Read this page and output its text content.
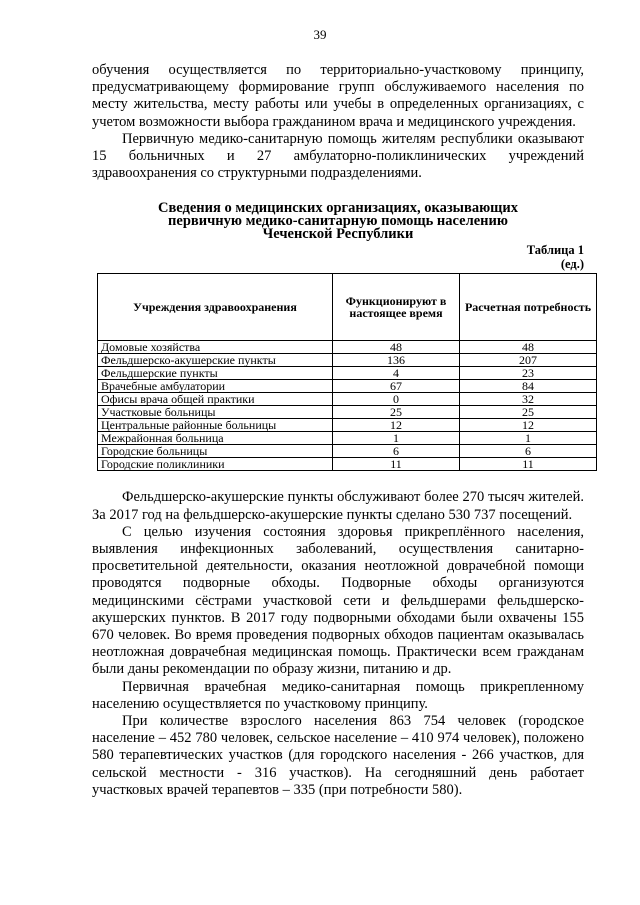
39

обучения осуществляется по территориально-участковому принципу, предусматривающему формирование групп обслуживаемого населения по месту жительства, месту работы или учебы в определенных организациях, с учетом возможности выбора гражданином врача и медицинского учреждения.

Первичную медико-санитарную помощь жителям республики оказывают 15 больничных и 27 амбулаторно-поликлинических учреждений здравоохранения со структурными подразделениями.

Сведения о медицинских организациях, оказывающих
первичную медико-санитарную помощь населению
Чеченской Республики
Таблица 1
(ед.)
Учреждения здравоохранения	Функционируют в настоящее время	Расчетная потребность
Домовые хозяйства	48	48
Фельдшерско-акушерские пункты	136	207
Фельдшерские пункты	4	23
Врачебные амбулатории	67	84
Офисы врача общей практики	0	32
Участковые больницы	25	25
Центральные районные больницы	12	12
Межрайонная больница	1	1
Городские больницы	6	6
Городские поликлиники	11	11

Фельдшерско-акушерские пункты обслуживают более 270 тысяч жителей. За 2017 год на фельдшерско-акушерские пункты сделано 530 737 посещений.

С целью изучения состояния здоровья прикреплённого населения, выявления инфекционных заболеваний, осуществления санитарно-просветительной деятельности, оказания неотложной доврачебной помощи проводятся подворные обходы. Подворные обходы организуются медицинскими сёстрами участковой сети и фельдшерами фельдшерско-акушерских пунктов. В 2017 году подворными обходами были охвачены 155 670 человек. Во время проведения подворных обходов пациентам оказывалась неотложная доврачебная медицинская помощь. Практически всем гражданам были даны рекомендации по образу жизни, питанию и др.

Первичная врачебная медико-санитарная помощь прикрепленному населению осуществляется по участковому принципу.

При количестве взрослого населения 863 754 человек (городское население – 452 780 человек, сельское население – 410 974 человек), положено 580 терапевтических участков (для городского населения - 266 участков, для сельской местности - 316 участков). На сегодняшний день работает участковых врачей терапевтов – 335 (при потребности 580).
